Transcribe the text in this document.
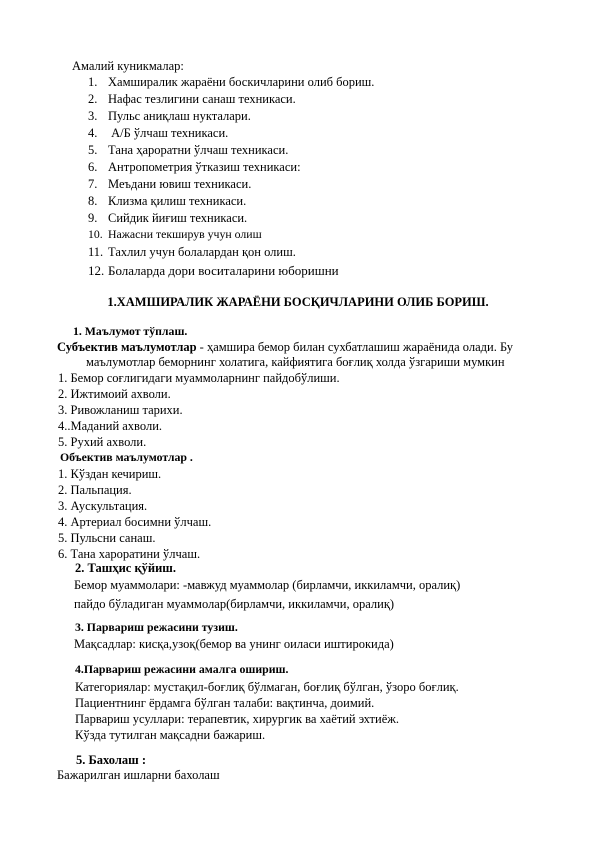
Амалий куникмалар:
1. Хамширалик жараёни боскичларини олиб бориш.
2. Нафас тезлигини санаш техникаси.
3. Пульс аниқлаш нукталари.
4. А/Б ўлчаш техникаси.
5. Тана ҳароратни ўлчаш техникаси.
6. Антропометрия ўтказиш техникаси:
7. Меъдани ювиш техникаси.
8. Клизма қилиш техникаси.
9. Сийдик йиғиш техникаси.
10. Нажасни текширув учун олиш
11. Тахлил учун болалардан қон олиш.
12. Болаларда дори воситаларини юборишни
1.ХАМШИРАЛИК ЖАРАЁНИ БОСҚИЧЛАРИНИ ОЛИБ БОРИШ.
1. Маълумот тўплаш.
Субъектив маълумотлар - ҳамшира бемор билан сухбатлашиш жараёнида олади. Бу
маълумотлар беморнинг холатига, кайфиятига боғлиқ холда ўзгариши мумкин
1. Бемор соғлигидаги муаммоларнинг пайдобўлиши.
2. Ижтимоий ахволи.
3. Ривожланиш тарихи.
4..Маданий ахволи.
5. Рухий ахволи.
Объектив маълумотлар .
1. Кўздан кечириш.
2. Пальпация.
3. Аускультация.
4. Артериал босимни ўлчаш.
5. Пульсни санаш.
6. Тана хароратини ўлчаш.
2. Ташҳис қўйиш.
Бемор муаммолари: -мавжуд муаммолар (бирламчи, иккиламчи, оралиқ)
пайдо бўладиган муаммолар(бирламчи, иккиламчи, оралиқ)
3. Парвариш режасини тузиш.
Мақсадлар: кисқа,узоқ(бемор ва унинг оиласи иштирокида)
4.Парвариш режасини амалга ошириш.
Категориялар: мустақил-боғлиқ бўлмаган, боғлиқ бўлган, ўзоро боғлиқ.
Пациентнинг ёрдамга бўлган талаби: вақтинча, доимий.
Парвариш усуллари: терапевтик, хирургик ва хаётий эхтиёж.
Кўзда тутилган мақсадни бажариш.
5. Бахолаш :
Бажарилган ишларни бахолаш
